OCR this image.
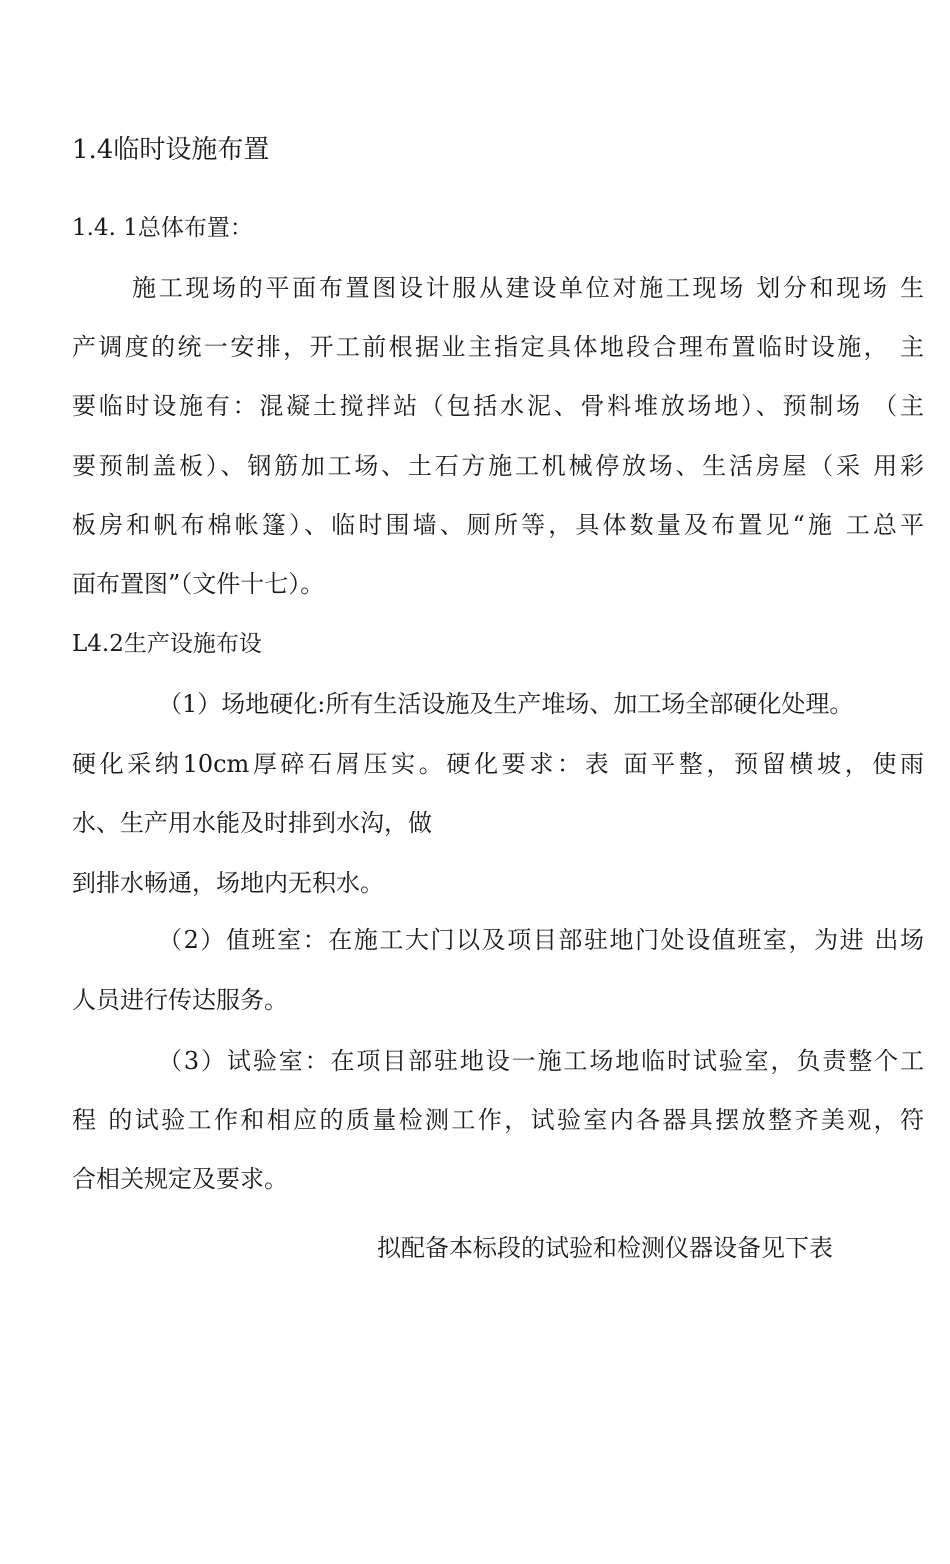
1.4临时设施布置

1.4. 1总体布置：

施工现场的平面布置图设计服从建设单位对施工现场 划分和现场 生

产调度的统一安排，开工前根据业主指定具体地段合理布置临时设施， 主

要临时设施有：混凝土搅拌站（包括水泥、骨料堆放场地）、预制场 （主

要预制盖板）、钢筋加工场、土石方施工机械停放场、生活房屋（采 用彩

板房和帆布棉帐篷）、临时围墙、厕所等，具体数量及布置见“施 工总平

面布置图”（文件十七）。

L4.2生产设施布设

（1）场地硬化:所有生活设施及生产堆场、加工场全部硬化处理。

硬化采纳10cm厚碎石屑压实。硬化要求：表 面平整，预留横坡，使雨

水、生产用水能及时排到水沟，做

到排水畅通，场地内无积水。

（2）值班室：在施工大门以及项目部驻地门处设值班室，为进 出场

人员进行传达服务。

（3）试验室：在项目部驻地设一施工场地临时试验室，负责整个工

程 的试验工作和相应的质量检测工作，试验室内各器具摆放整齐美观，符

合相关规定及要求。

拟配备本标段的试验和检测仪器设备见下表
